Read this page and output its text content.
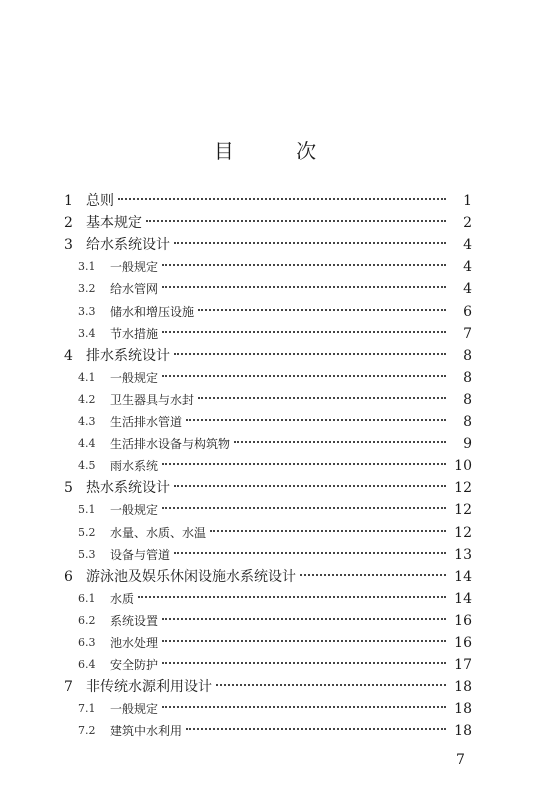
目 次
1 总则	1
2 基本规定	2
3 给水系统设计	4
3.1 一般规定	4
3.2 给水管网	4
3.3 储水和增压设施	6
3.4 节水措施	7
4 排水系统设计	8
4.1 一般规定	8
4.2 卫生器具与水封	8
4.3 生活排水管道	8
4.4 生活排水设备与构筑物	9
4.5 雨水系统	10
5 热水系统设计	12
5.1 一般规定	12
5.2 水量、水质、水温	12
5.3 设备与管道	13
6 游泳池及娱乐休闲设施水系统设计	14
6.1 水质	14
6.2 系统设置	16
6.3 池水处理	16
6.4 安全防护	17
7 非传统水源利用设计	18
7.1 一般规定	18
7.2 建筑中水利用	18
7
